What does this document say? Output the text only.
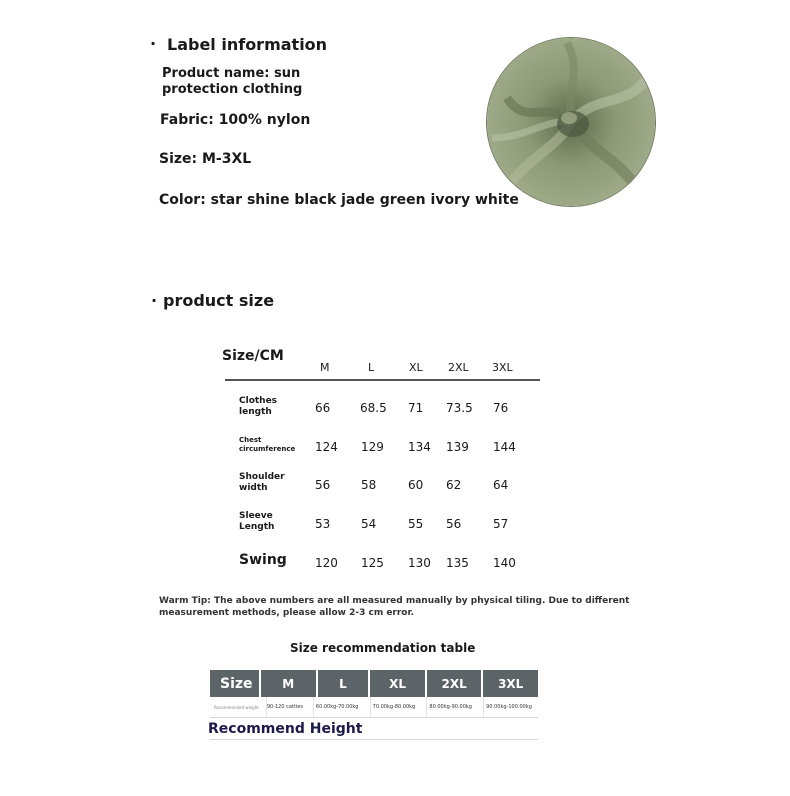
· Label information
Product name: sun
protection clothing
Fabric: 100% nylon
Size: M-3XL
Color: star shine black jade green ivory white
· product size
Size/CM
M	L	XL 2XL 3XL
Clothes
length	66	68.5	71	73.5	76
Chest
circumference 124	129	134	139	144
Shoulder
width	56	58	60	62	64
Sleeve
Length	53	54	55	56	57
Swing 120	125	130	135	140
Warm Tip: The above numbers are all measured manually by physical tiling. Due to different
measurement methods, please allow 2-3 cm error.
Size recommendation table
Size	M	L	XL	2XL	3XL
Recommended weight	90-120 catties	60.00kg-70.00kg	70.00kg-80.00kg	80.00kg-90.00kg	90.00kg-100.00kg
Recommend Height
